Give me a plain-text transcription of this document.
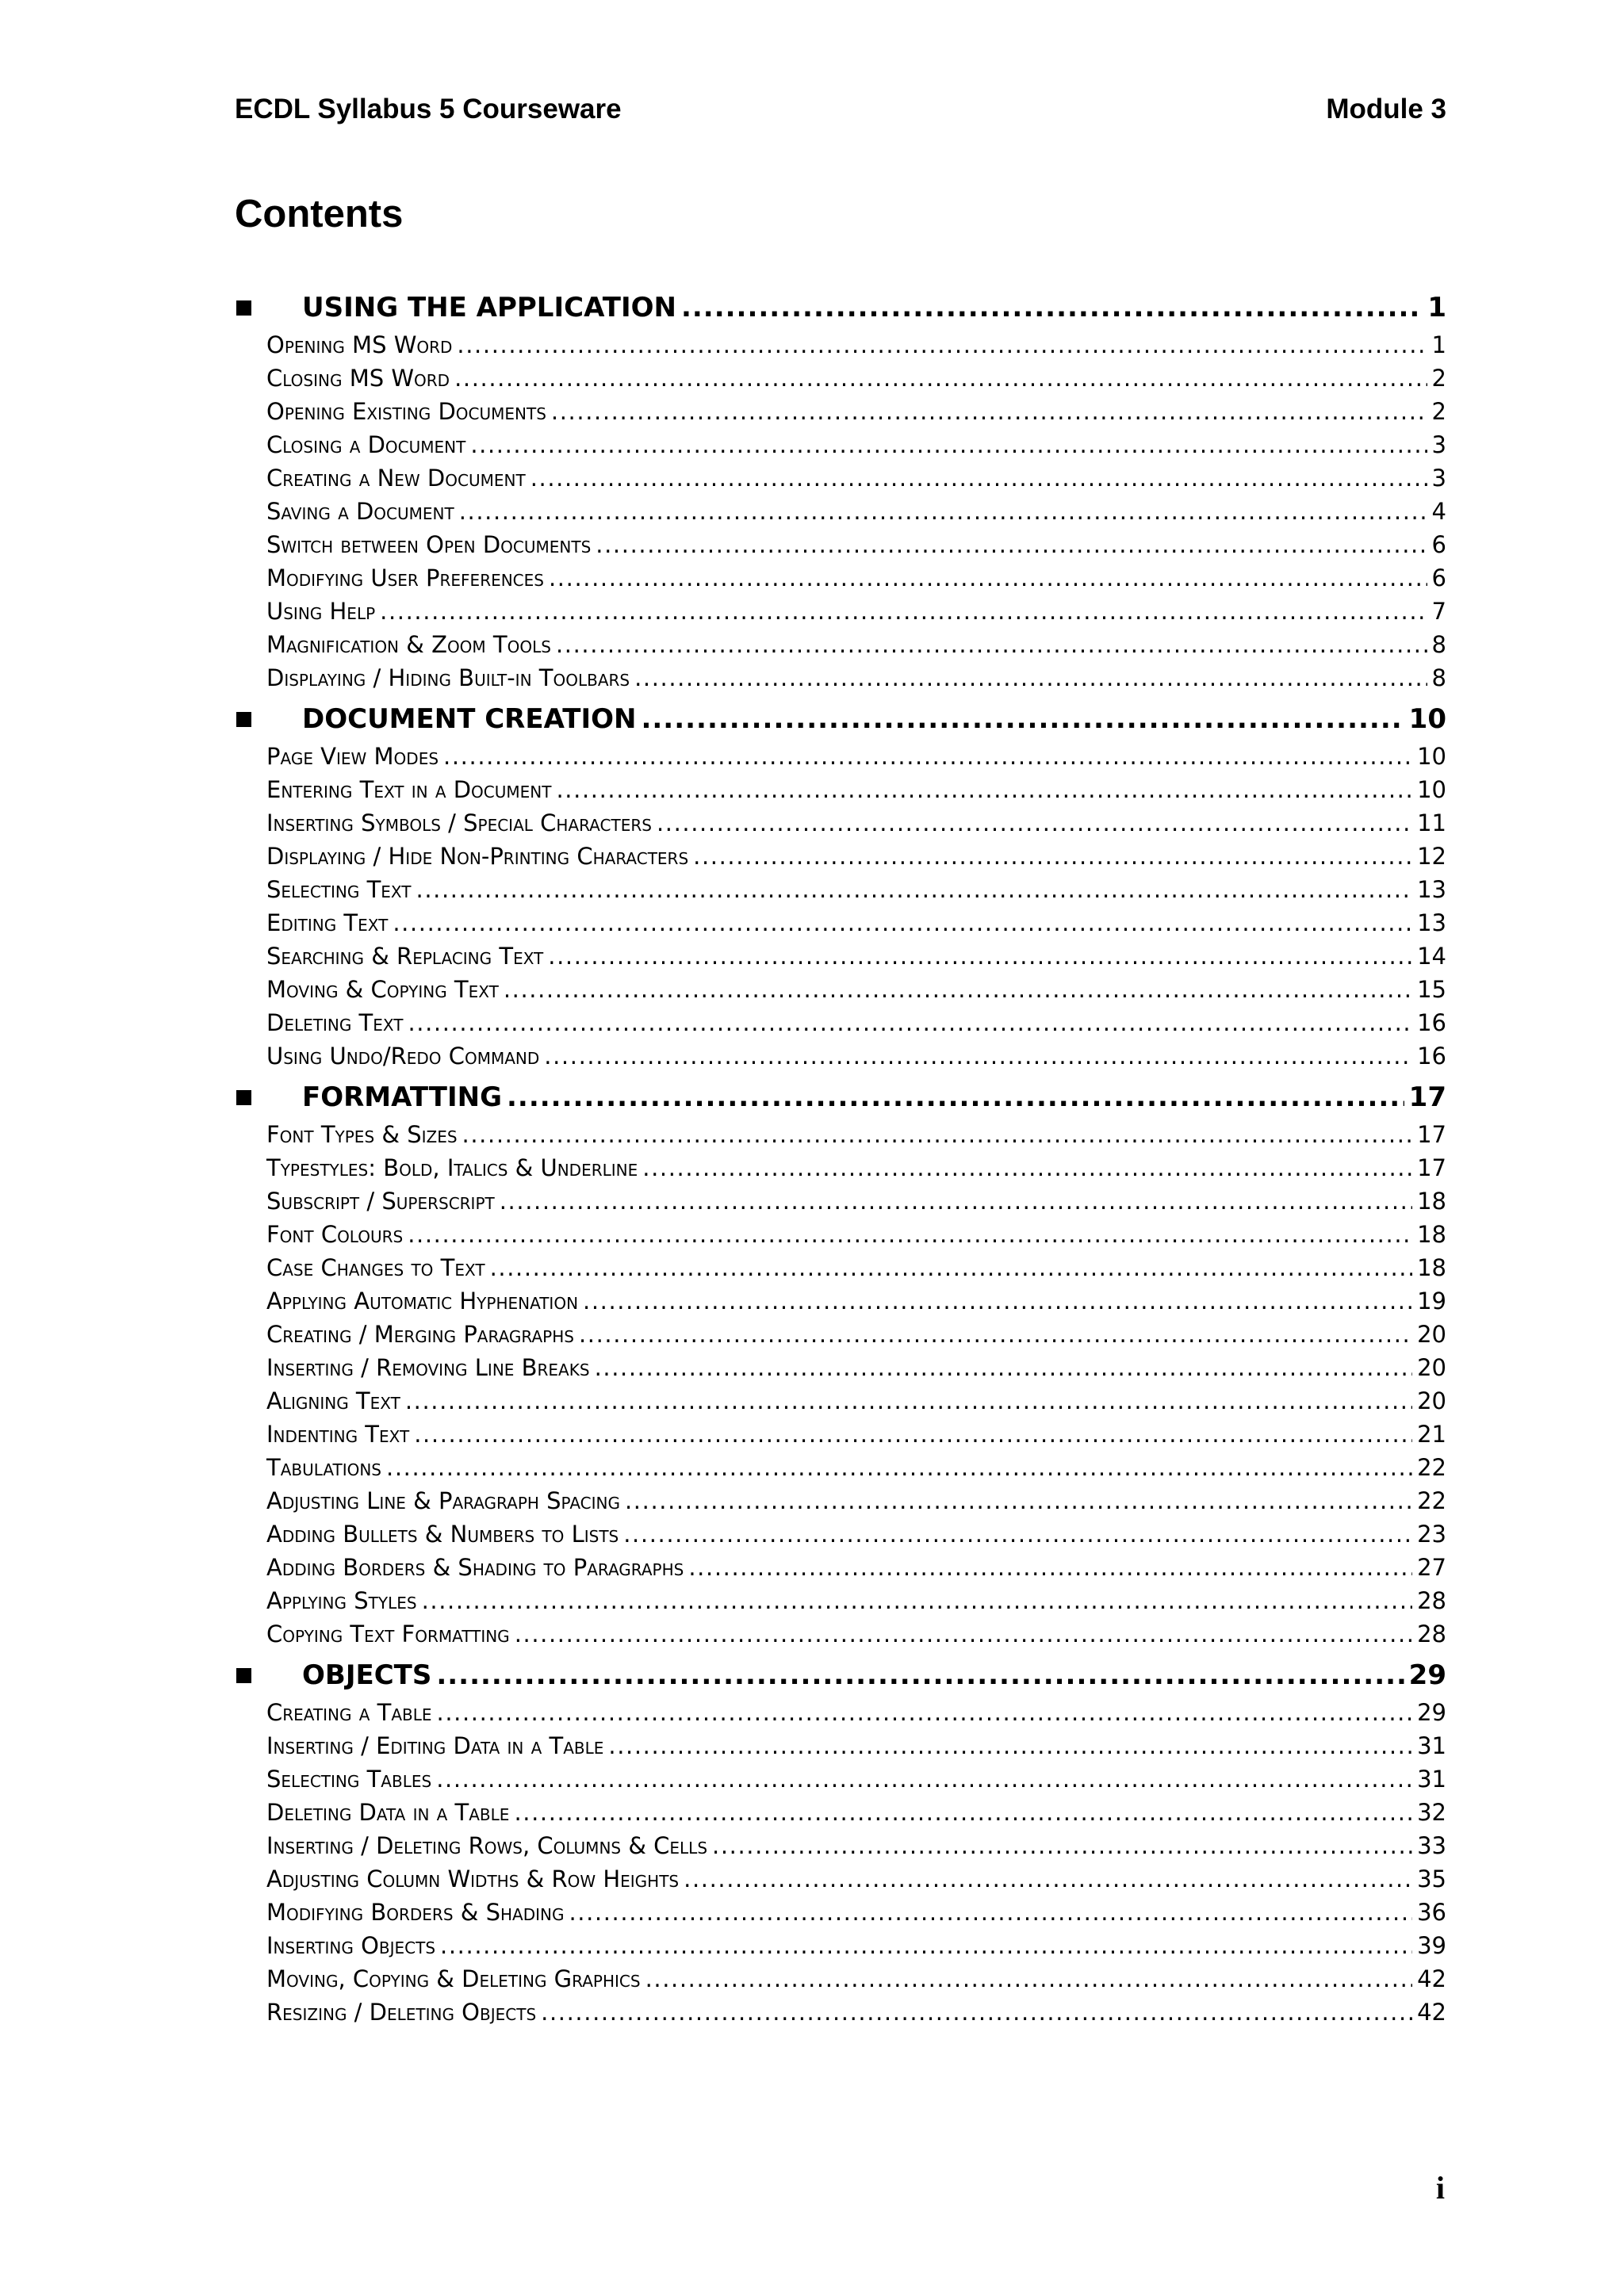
ECDL Syllabus 5 Courseware	Module 3
Contents
USING THE APPLICATION .....	1
Opening MS Word .....	1
Closing MS Word .....	2
Opening Existing Documents .....	2
Closing a Document .....	3
Creating a New Document .....	3
Saving a Document .....	4
Switch between Open Documents .....	6
Modifying User Preferences .....	6
Using Help .....	7
Magnification & Zoom Tools .....	8
Displaying / Hiding Built-in Toolbars .....	8
DOCUMENT CREATION .....	10
Page View Modes .....	10
Entering Text in a Document .....	10
Inserting Symbols / Special Characters .....	11
Displaying / Hide Non-Printing Characters .....	12
Selecting Text .....	13
Editing Text .....	13
Searching & Replacing Text .....	14
Moving & Copying Text .....	15
Deleting Text .....	16
Using Undo/Redo Command .....	16
FORMATTING .....	17
Font Types & Sizes .....	17
Typestyles: Bold, Italics & Underline .....	17
Subscript / Superscript .....	18
Font Colours .....	18
Case Changes to Text .....	18
Applying Automatic Hyphenation .....	19
Creating / Merging Paragraphs .....	20
Inserting / Removing Line Breaks .....	20
Aligning Text .....	20
Indenting Text .....	21
Tabulations .....	22
Adjusting Line & Paragraph Spacing .....	22
Adding Bullets & Numbers to Lists .....	23
Adding Borders & Shading to Paragraphs .....	27
Applying Styles .....	28
Copying Text Formatting .....	28
OBJECTS .....	29
Creating a Table .....	29
Inserting / Editing Data in a Table .....	31
Selecting Tables .....	31
Deleting Data in a Table .....	32
Inserting / Deleting Rows, Columns & Cells .....	33
Adjusting Column Widths & Row Heights .....	35
Modifying Borders & Shading .....	36
Inserting Objects .....	39
Moving, Copying & Deleting Graphics .....	42
Resizing / Deleting Objects .....	42
i
